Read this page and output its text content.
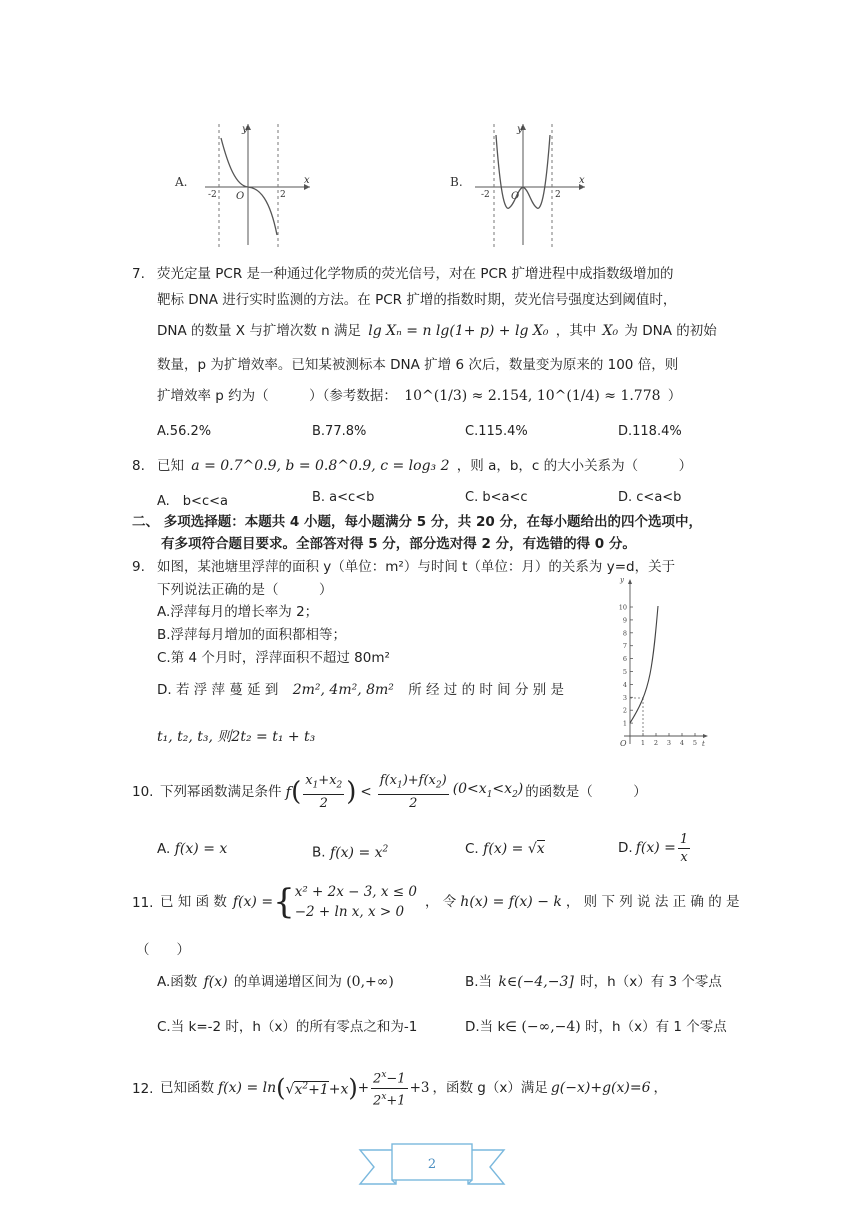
A.
y
x
O
-2	2
B.
y
x
O
-2	2
7. 荧光定量 PCR 是一种通过化学物质的荧光信号，对在 PCR 扩增进程中成指数级增加的
靶标 DNA 进行实时监测的方法。在 PCR 扩增的指数时期，荧光信号强度达到阈值时，
DNA 的数量 X 与扩增次数 n 满足 lg Xₙ = n lg(1+ p) + lg X₀ ，其中 X₀ 为 DNA 的初始
数量，p 为扩增效率。已知某被测标本 DNA 扩增 6 次后，数量变为原来的 100 倍，则
扩增效率 p 约为（　　　）（参考数据： 10^(1/3) ≈ 2.154, 10^(1/4) ≈ 1.778 ）
A.56.2%	B.77.8%	C.115.4%	D.118.4%
8. 已知 a = 0.7^0.9, b = 0.8^0.9, c = log₃ 2 ，则 a，b，c 的大小关系为（　　　）
A.　b<c<a	B. a<c<b	C. b<a<c	D. c<a<b
二、 多项选择题：本题共 4 小题，每小题满分 5 分，共 20 分，在每小题给出的四个选项中，
有多项符合题目要求。全部答对得 5 分，部分选对得 2 分，有选错的得 0 分。
9. 如图，某池塘里浮萍的面积 y（单位：m²）与时间 t（单位：月）的关系为 y=d，关于
下列说法正确的是（　　　）
A.浮萍每月的增长率为 2；
B.浮萍每月增加的面积都相等；
C.第 4 个月时，浮萍面积不超过 80m²
D. 若 浮 萍 蔓 延 到 2m², 4m², 8m² 所 经 过 的 时 间 分 别 是
t₁, t₂, t₃, 则2t₂ = t₁ + t₃
y
t
O
1
2
3
4
5
6
7
8
9
10
1 2 3 4 5
10. 下列幂函数满足条件 f ( $\frac{x_1+x_2}{2}$ ) < $\frac{f(x_1)+f(x_2)}{2} (0<x_1<x_2)$ 的函数是（　　　）
A. f(x) = x	B. $f(x) = x^2$	C. f(x) = √x	D. $f(x) = \frac{1}{x}$
11. 已 知 函 数 f(x) = { x² + 2x − 3, x ≤ 0
−2 + ln x, x > 0
， 令 h(x) = f(x) − k ， 则 下 列 说 法 正 确 的 是
（　　）
A.函数 f(x) 的单调递增区间为 (0,+∞)	B.当 k∈(−4,−3] 时，h（x）有 3 个零点
C.当 k=-2 时，h（x）的所有零点之和为-1	D.当 k∈ (−∞,−4) 时，h（x）有 1 个零点
12. 已知函数 f(x) = ln ( $√x^2+1+x$ ) + $\frac{2^x-1}{2^x+1} +3$ ，函数 g（x）满足 g(−x)+g(x)=6 ，
2
